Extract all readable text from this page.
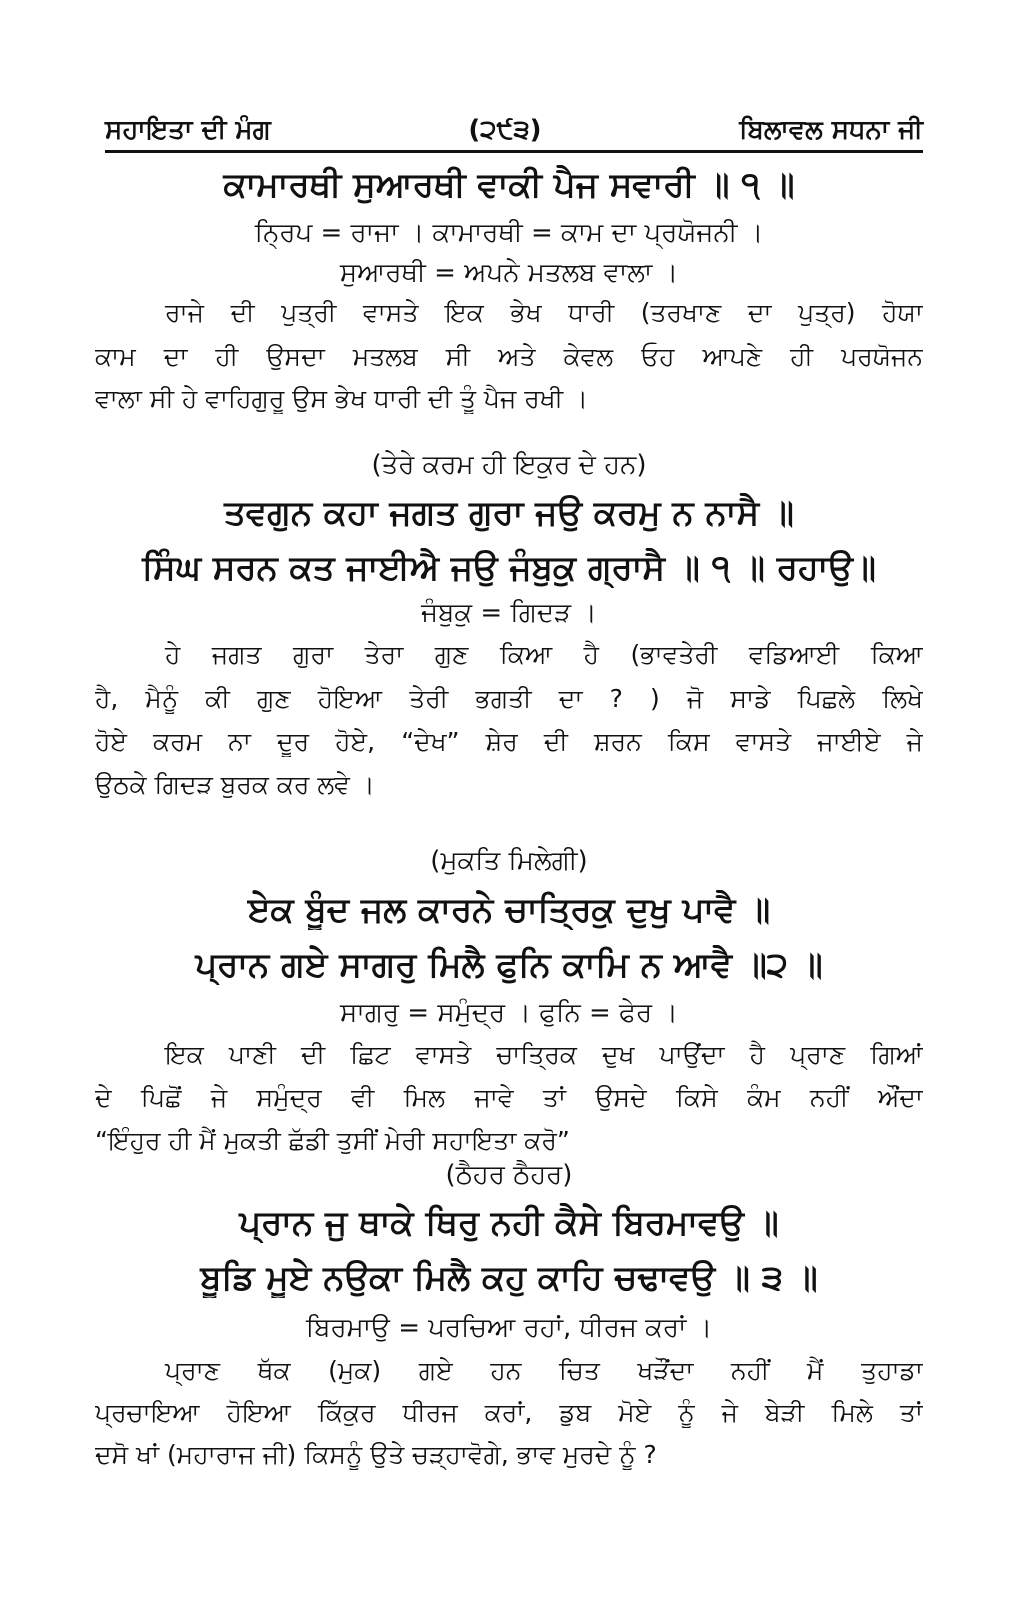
ਸਹਾਇਤਾ ਦੀ ਮੰਗ	(੨੯੩)	ਬਿਲਾਵਲ ਸਧਨਾ ਜੀ
ਕਾਮਾਰਥੀ ਸੁਆਰਥੀ ਵਾਕੀ ਪੈਜ ਸਵਾਰੀ ॥ ੧ ॥
ਨ੍ਰਿਪ = ਰਾਜਾ । ਕਾਮਾਰਥੀ = ਕਾਮ ਦਾ ਪ੍ਰਯੋਜਨੀ ।
ਸੁਆਰਥੀ = ਅਪਨੇ ਮਤਲਬ ਵਾਲਾ ।
ਰਾਜੇ ਦੀ ਪੁਤ੍ਰੀ ਵਾਸਤੇ ਇਕ ਭੇਖ ਧਾਰੀ (ਤਰਖਾਣ ਦਾ ਪੁਤ੍ਰ) ਹੋਯਾ
ਕਾਮ ਦਾ ਹੀ ਉਸਦਾ ਮਤਲਬ ਸੀ ਅਤੇ ਕੇਵਲ ਓਹ ਆਪਣੇ ਹੀ ਪਰਯੋਜਨ
ਵਾਲਾ ਸੀ ਹੇ ਵਾਹਿਗੁਰੂ ਉਸ ਭੇਖ ਧਾਰੀ ਦੀ ਤੂੰ ਪੈਜ ਰਖੀ ।
(ਤੇਰੇ ਕਰਮ ਹੀ ਇਕੁਰ ਦੇ ਹਨ)
ਤਵਗੁਨ ਕਹਾ ਜਗਤ ਗੁਰਾ ਜਉ ਕਰਮੁ ਨ ਨਾਸੈ ॥
ਸਿੰਘ ਸਰਨ ਕਤ ਜਾਈਐ ਜਉ ਜੰਬੁਕੁ ਗ੍ਰਾਸੈ ॥ ੧ ॥ ਰਹਾਉ॥
ਜੰਬੁਕੁ = ਗਿਦੜ ।
ਹੇ ਜਗਤ ਗੁਰਾ ਤੇਰਾ ਗੁਣ ਕਿਆ ਹੈ (ਭਾਵਤੇਰੀ ਵਡਿਆਈ ਕਿਆ
ਹੈ, ਮੈਨੂੰ ਕੀ ਗੁਣ ਹੋਇਆ ਤੇਰੀ ਭਗਤੀ ਦਾ ? ) ਜੋ ਸਾਡੇ ਪਿਛਲੇ ਲਿਖੇ
ਹੋਏ ਕਰਮ ਨਾ ਦੂਰ ਹੋਏ, “ਦੇਖ” ਸ਼ੇਰ ਦੀ ਸ਼ਰਨ ਕਿਸ ਵਾਸਤੇ ਜਾਈਏ ਜੇ
ਉਠਕੇ ਗਿਦੜ ਬੁਰਕ ਕਰ ਲਵੇ ।
(ਮੁਕਤਿ ਮਿਲੇਗੀ)
ਏਕ ਬੂੰਦ ਜਲ ਕਾਰਨੇ ਚਾਤ੍ਰਿਕੁ ਦੁਖੁ ਪਾਵੈ ॥
ਪ੍ਰਾਨ ਗਏ ਸਾਗਰੁ ਮਿਲੈ ਫੁਨਿ ਕਾਮਿ ਨ ਆਵੈ ॥੨ ॥
ਸਾਗਰੁ = ਸਮੁੰਦ੍ਰ । ਫੁਨਿ = ਫੇਰ ।
ਇਕ ਪਾਣੀ ਦੀ ਛਿਟ ਵਾਸਤੇ ਚਾਤ੍ਰਿਕ ਦੁਖ ਪਾਉਂਦਾ ਹੈ ਪ੍ਰਾਣ ਗਿਆਂ
ਦੇ ਪਿਛੋਂ ਜੇ ਸਮੁੰਦ੍ਰ ਵੀ ਮਿਲ ਜਾਵੇ ਤਾਂ ਉਸਦੇ ਕਿਸੇ ਕੰਮ ਨਹੀਂ ਔਂਦਾ
“ਇੰਹੁਰ ਹੀ ਮੈਂ ਮੁਕਤੀ ਛੱਡੀ ਤੁਸੀਂ ਮੇਰੀ ਸਹਾਇਤਾ ਕਰੋ”
(ਠੈਹਰ ਠੈਹਰ)
ਪ੍ਰਾਨ ਜੁ ਥਾਕੇ ਥਿਰੁ ਨਹੀ ਕੈਸੇ ਬਿਰਮਾਵਉ ॥
ਬੂਡਿ ਮੂਏ ਨਉਕਾ ਮਿਲੈ ਕਹੁ ਕਾਹਿ ਚਢਾਵਉ ॥ ੩ ॥
ਬਿਰਮਾਉ = ਪਰਚਿਆ ਰਹਾਂ, ਧੀਰਜ ਕਰਾਂ ।
ਪ੍ਰਾਣ ਥੱਕ (ਮੁਕ) ਗਏ ਹਨ ਚਿਤ ਖੜੌਂਦਾ ਨਹੀਂ ਮੈਂ ਤੁਹਾਡਾ
ਪ੍ਰਚਾਇਆ ਹੋਇਆ ਕਿੱਕੁਰ ਧੀਰਜ ਕਰਾਂ, ਡੁਬ ਮੋਏ ਨੂੰ ਜੇ ਬੇੜੀ ਮਿਲੇ ਤਾਂ
ਦਸੋ ਖਾਂ (ਮਹਾਰਾਜ ਜੀ) ਕਿਸਨੂੰ ਉਤੇ ਚੜ੍ਹਾਵੋਗੇ, ਭਾਵ ਮੁਰਦੇ ਨੂੰ ?
